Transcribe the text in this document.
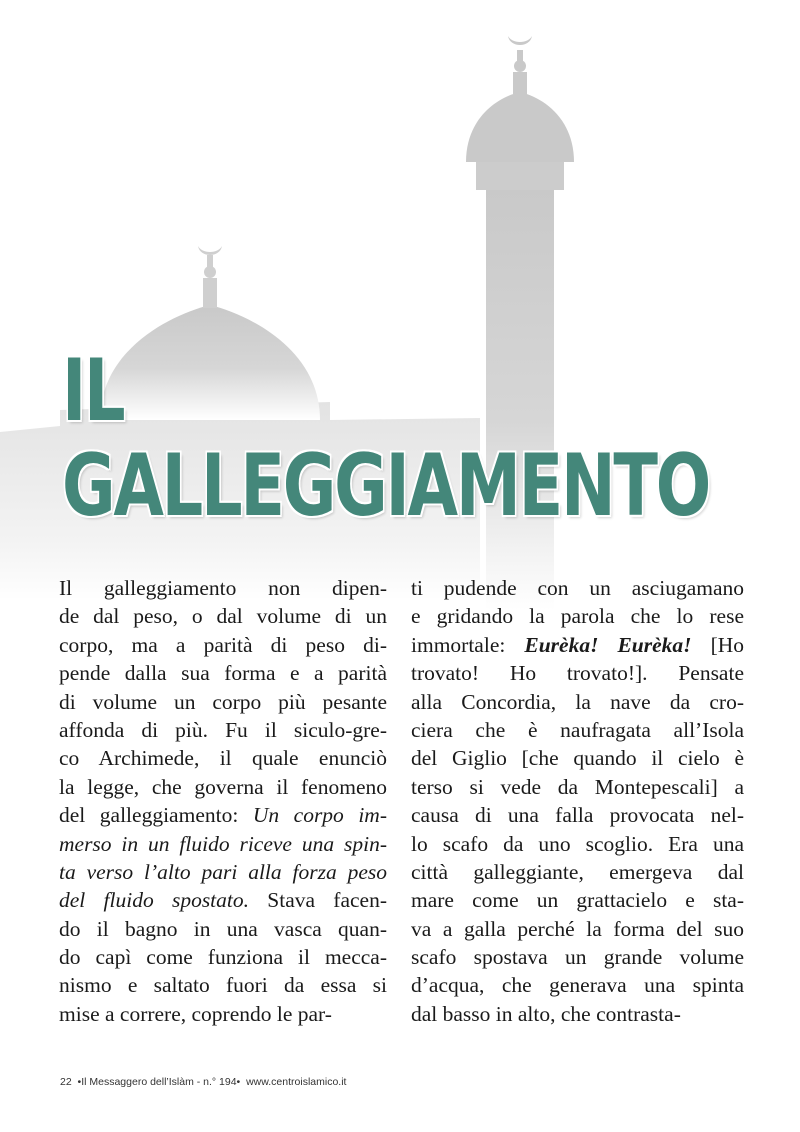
IL
GALLEGGIAMENTO
Il galleggiamento non dipen-
de dal peso, o dal volume di un
corpo, ma a parità di peso di-
pende dalla sua forma e a parità
di volume un corpo più pesante
affonda di più. Fu il siculo-gre-
co Archimede, il quale enunciò
la legge, che governa il fenomeno
del galleggiamento: Un corpo im-
merso in un fluido riceve una spin-
ta verso l’alto pari alla forza peso
del fluido spostato. Stava facen-
do il bagno in una vasca quan-
do capì come funziona il mecca-
nismo e saltato fuori da essa si
mise a correre, coprendo le par-
ti pudende con un asciugamano
e gridando la parola che lo rese
immortale: Eurèka! Eurèka! [Ho
trovato! Ho trovato!]. Pensate
alla Concordia, la nave da cro-
ciera che è naufragata all’Isola
del Giglio [che quando il cielo è
terso si vede da Montepescali] a
causa di una falla provocata nel-
lo scafo da uno scoglio. Era una
città galleggiante, emergeva dal
mare come un grattacielo e sta-
va a galla perché la forma del suo
scafo spostava un grande volume
d’acqua, che generava una spinta
dal basso in alto, che contrasta-
22 •Il Messaggero dell’Islàm - n.° 194• www.centroislamico.it
